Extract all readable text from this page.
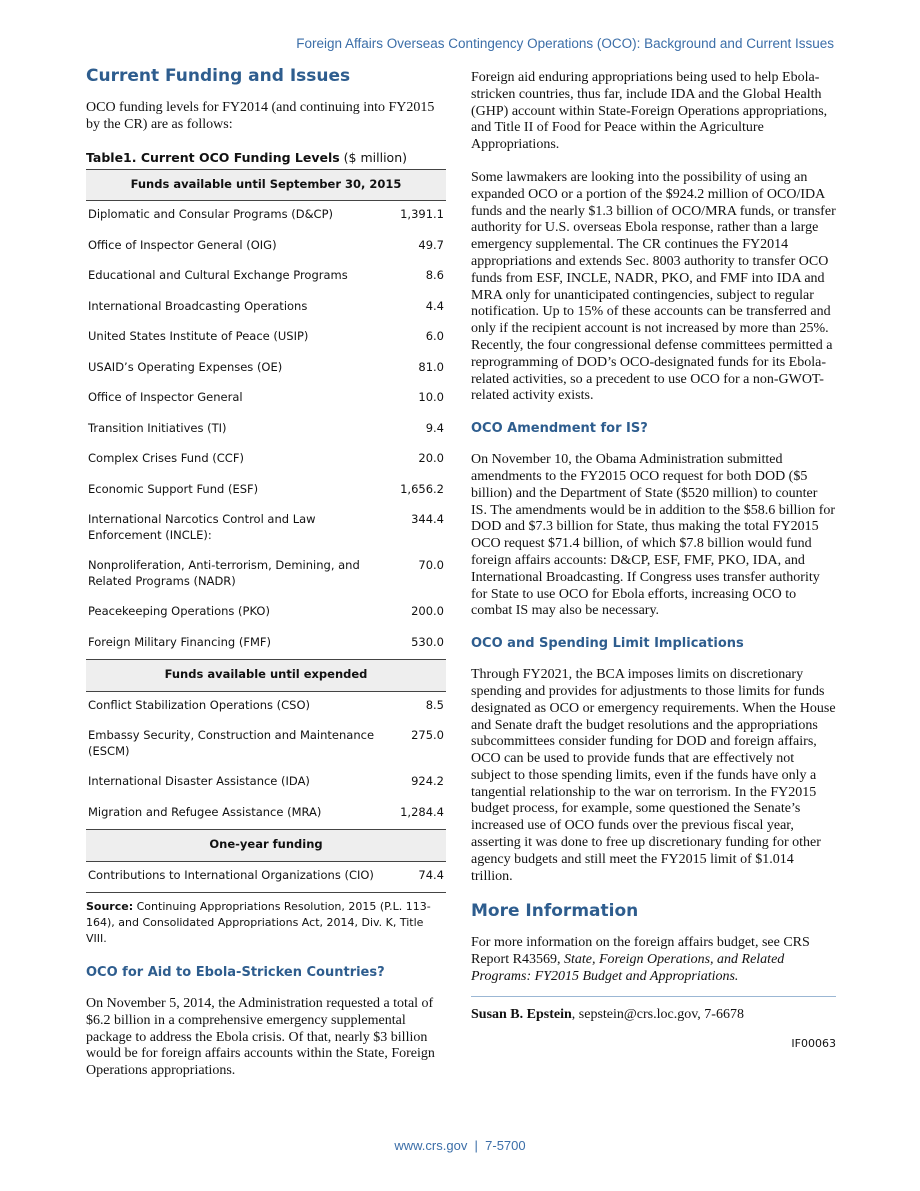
Foreign Affairs Overseas Contingency Operations (OCO): Background and Current Issues
Current Funding and Issues

OCO funding levels for FY2014 (and continuing into FY2015 by the CR) are as follows:

Table1. Current OCO Funding Levels ($ million)
Funds available until September 30, 2015	
Diplomatic and Consular Programs (D&CP)	1,391.1
Office of Inspector General (OIG)	49.7
Educational and Cultural Exchange Programs	8.6
International Broadcasting Operations	4.4
United States Institute of Peace (USIP)	6.0
USAID’s Operating Expenses (OE)	81.0
Office of Inspector General	10.0
Transition Initiatives (TI)	9.4
Complex Crises Fund (CCF)	20.0
Economic Support Fund (ESF)	1,656.2
International Narcotics Control and Law Enforcement (INCLE):	344.4
Nonproliferation, Anti-terrorism, Demining, and Related Programs (NADR)	70.0
Peacekeeping Operations (PKO)	200.0
Foreign Military Financing (FMF)	530.0
Funds available until expended	
Conflict Stabilization Operations (CSO)	8.5
Embassy Security, Construction and Maintenance (ESCM)	275.0
International Disaster Assistance (IDA)	924.2
Migration and Refugee Assistance (MRA)	1,284.4
One-year funding	
Contributions to International Organizations (CIO)	74.4
Source: Continuing Appropriations Resolution, 2015 (P.L. 113-164), and Consolidated Appropriations Act, 2014, Div. K, Title VIII.
OCO for Aid to Ebola-Stricken Countries?

On November 5, 2014, the Administration requested a total of $6.2 billion in a comprehensive emergency supplemental package to address the Ebola crisis. Of that, nearly $3 billion would be for foreign affairs accounts within the State, Foreign Operations appropriations.

Foreign aid enduring appropriations being used to help Ebola-stricken countries, thus far, include IDA and the Global Health (GHP) account within State-Foreign Operations appropriations, and Title II of Food for Peace within the Agriculture Appropriations.

Some lawmakers are looking into the possibility of using an expanded OCO or a portion of the $924.2 million of OCO/IDA funds and the nearly $1.3 billion of OCO/MRA funds, or transfer authority for U.S. overseas Ebola response, rather than a large emergency supplemental. The CR continues the FY2014 appropriations and extends Sec. 8003 authority to transfer OCO funds from ESF, INCLE, NADR, PKO, and FMF into IDA and MRA only for unanticipated contingencies, subject to regular notification. Up to 15% of these accounts can be transferred and only if the recipient account is not increased by more than 25%. Recently, the four congressional defense committees permitted a reprogramming of DOD’s OCO-designated funds for its Ebola-related activities, so a precedent to use OCO for a non-GWOT-related activity exists.

OCO Amendment for IS?

On November 10, the Obama Administration submitted amendments to the FY2015 OCO request for both DOD ($5 billion) and the Department of State ($520 million) to counter IS. The amendments would be in addition to the $58.6 billion for DOD and $7.3 billion for State, thus making the total FY2015 OCO request $71.4 billion, of which $7.8 billion would fund foreign affairs accounts: D&CP, ESF, FMF, PKO, IDA, and International Broadcasting. If Congress uses transfer authority for State to use OCO for Ebola efforts, increasing OCO to combat IS may also be necessary.

OCO and Spending Limit Implications

Through FY2021, the BCA imposes limits on discretionary spending and provides for adjustments to those limits for funds designated as OCO or emergency requirements. When the House and Senate draft the budget resolutions and the appropriations subcommittees consider funding for DOD and foreign affairs, OCO can be used to provide funds that are effectively not subject to those spending limits, even if the funds have only a tangential relationship to the war on terrorism. In the FY2015 budget process, for example, some questioned the Senate’s increased use of OCO funds over the previous fiscal year, asserting it was done to free up discretionary funding for other agency budgets and still meet the FY2015 limit of $1.014 trillion.

More Information

For more information on the foreign affairs budget, see CRS Report R43569, State, Foreign Operations, and Related Programs: FY2015 Budget and Appropriations.

Susan B. Epstein, sepstein@crs.loc.gov, 7-6678

IF00063
www.crs.gov  |  7-5700
